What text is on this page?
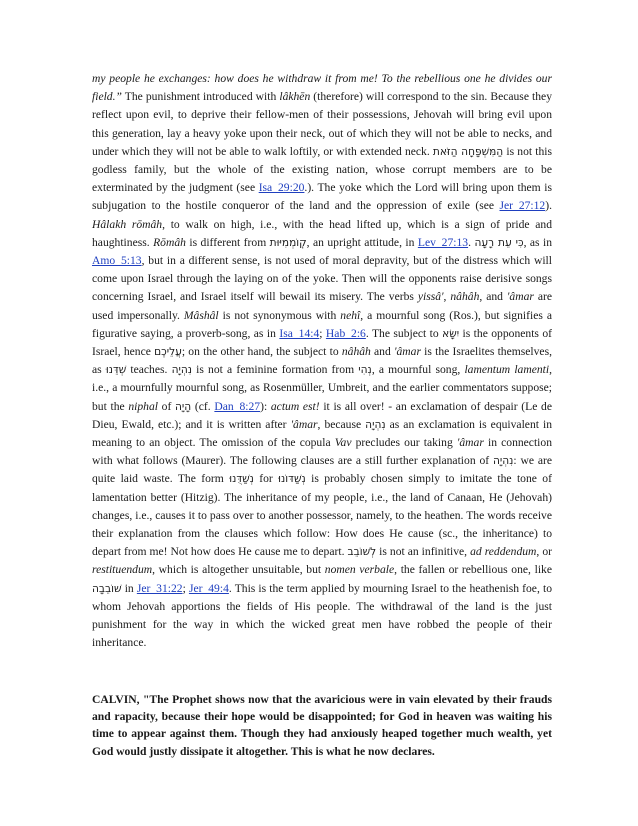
my people he exchanges: how does he withdraw it from me! To the rebellious one he divides our field.” The punishment introduced with lâkhēn (therefore) will correspond to the sin. Because they reflect upon evil, to deprive their fellow-men of their possessions, Jehovah will bring evil upon this generation, lay a heavy yoke upon their neck, out of which they will not be able to necks, and under which they will not be able to walk loftily, or with extended neck. הַמִּשְׁפָּחָה הַזֹּאת is not this godless family, but the whole of the existing nation, whose corrupt members are to be exterminated by the judgment (see Isa_29:20.). The yoke which the Lord will bring upon them is subjugation to the hostile conqueror of the land and the oppression of exile (see Jer_27:12). Hâlakh rōmâh, to walk on high, i.e., with the head lifted up, which is a sign of pride and haughtiness. Rōmâh is different from קֽוֹמְמִיּוּת, an upright attitude, in Lev_27:13. כִּי עֵת רָעָה, as in Amo_5:13, but in a different sense, is not used of moral depravity, but of the distress which will come upon Israel through the laying on of the yoke. Then will the opponents raise derisive songs concerning Israel, and Israel itself will bewail its misery. The verbs yissâ', nâhâh, and 'âmar are used impersonally. Mâshâl is not synonymous with nehî, a mournful song (Ros.), but signifies a figurative saying, a proverb-song, as in Isa_14:4; Hab_2:6. The subject to יִשָּׂא is the opponents of Israel, hence עֲלֵיכֶם; on the other hand, the subject to nâhâh and 'âmar is the Israelites themselves, as שְׁדֵּנוּ teaches. נִהְיָה is not a feminine formation from נְהִי, a mournful song, lamentum lamenti, i.e., a mournfully mournful song, as Rosenmüller, Umbreit, and the earlier commentators suppose; but the niphal of הָיָה (cf. Dan_8:27): actum est! it is all over! - an exclamation of despair (Le de Dieu, Ewald, etc.); and it is written after 'âmar, because נִהְיָה as an exclamation is equivalent in meaning to an object. The omission of the copula Vav precludes our taking 'âmar in connection with what follows (Maurer). The following clauses are a still further explanation of נִהְיָה: we are quite laid waste. The form נְשַׁדֻּנוּ for נְשַׁדּוֹנוּ is probably chosen simply to imitate the tone of lamentation better (Hitzig). The inheritance of my people, i.e., the land of Canaan, He (Jehovah) changes, i.e., causes it to pass over to another possessor, namely, to the heathen. The words receive their explanation from the clauses which follow: How does He cause (sc., the inheritance) to depart from me! Not how does He cause me to depart. לְשׁוֹבֵב is not an infinitive, ad reddendum, or restituendum, which is altogether unsuitable, but nomen verbale, the fallen or rebellious one, like שׁוֹבֵבָה in Jer_31:22; Jer_49:4. This is the term applied by mourning Israel to the heathenish foe, to whom Jehovah apportions the fields of His people. The withdrawal of the land is the just punishment for the way in which the wicked great men have robbed the people of their inheritance.

CALVIN, "The Prophet shows now that the avaricious were in vain elevated by their frauds and rapacity, because their hope would be disappointed; for God in heaven was waiting his time to appear against them. Though they had anxiously heaped together much wealth, yet God would justly dissipate it altogether. This is what he now declares.
